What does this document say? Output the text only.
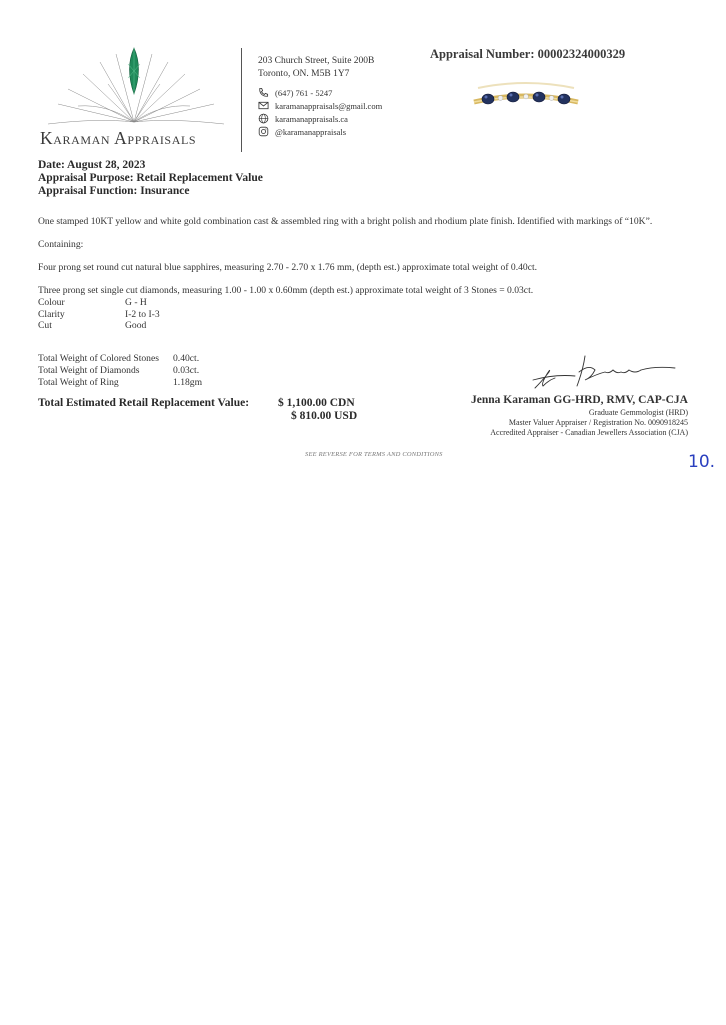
Karaman Appraisals
203 Church Street, Suite 200B
Toronto, ON. M5B 1Y7
(647) 761 - 5247
karamanappraisals@gmail.com
karamanappraisals.ca
@karamanappraisals
Appraisal Number: 00002324000329
Date: August 28, 2023
Appraisal Purpose: Retail Replacement Value
Appraisal Function: Insurance
One stamped 10KT yellow and white gold combination cast & assembled ring with a bright polish and rhodium plate finish. Identified with markings of “10K”.
Containing:
Four prong set round cut natural blue sapphires, measuring 2.70 - 2.70 x 1.76 mm, (depth est.) approximate total weight of 0.40ct.
Three prong set single cut diamonds, measuring 1.00 - 1.00 x 0.60mm (depth est.) approximate total weight of 3 Stones = 0.03ct.
Colour	G - H
Clarity	I-2 to I-3
Cut	Good
Total Weight of Colored Stones 0.40ct.
Total Weight of Diamonds	0.03ct.
Total Weight of Ring	1.18gm
Total Estimated Retail Replacement Value:	$ 1,100.00 CDN
$ 810.00 USD
Jenna Karaman GG-HRD, RMV, CAP-CJA
Graduate Gemmologist (HRD)
Master Valuer Appraiser / Registration No. 0090918245
Accredited Appraiser - Canadian Jewellers Association (CJA)
SEE REVERSE FOR TERMS AND CONDITIONS	10.
